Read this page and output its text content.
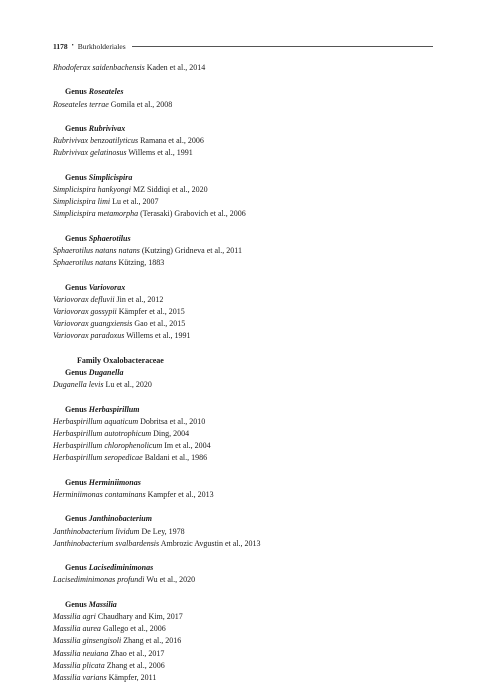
1178 • Burkholderiales
Rhodoferax saidenbachensis Kaden et al., 2014
Genus Roseateles
Roseateles terrae Gomila et al., 2008
Genus Rubrivivax
Rubrivivax benzoatilyticus Ramana et al., 2006
Rubrivivax gelatinosus Willems et al., 1991
Genus Simplicispira
Simplicispira hankyongi MZ Siddiqi et al., 2020
Simplicispira limi Lu et al., 2007
Simplicispira metamorpha (Terasaki) Grabovich et al., 2006
Genus Sphaerotilus
Sphaerotilus natans natans (Kutzing) Gridneva et al., 2011
Sphaerotilus natans Kützing, 1883
Genus Variovorax
Variovorax defluvii Jin et al., 2012
Variovorax gossypii Kämpfer et al., 2015
Variovorax guangxiensis Gao et al., 2015
Variovorax paradoxus Willems et al., 1991
Family Oxalobacteraceae
Genus Duganella
Duganella levis Lu et al., 2020
Genus Herbaspirillum
Herbaspirillum aquaticum Dobritsa et al., 2010
Herbaspirillum autotrophicum Ding, 2004
Herbaspirillum chlorophenolicum Im et al., 2004
Herbaspirillum seropedicae Baldani et al., 1986
Genus Herminiimonas
Herminiimonas contaminans Kampfer et al., 2013
Genus Janthinobacterium
Janthinobacterium lividum De Ley, 1978
Janthinobacterium svalbardensis Ambrozic Avgustin et al., 2013
Genus Lacisediminimonas
Lacisediminimonas profundi Wu et al., 2020
Genus Massilia
Massilia agri Chaudhary and Kim, 2017
Massilia aurea Gallego et al., 2006
Massilia ginsengisoli Zhang et al., 2016
Massilia neuiana Zhao et al., 2017
Massilia plicata Zhang et al., 2006
Massilia varians Kämpfer, 2011
